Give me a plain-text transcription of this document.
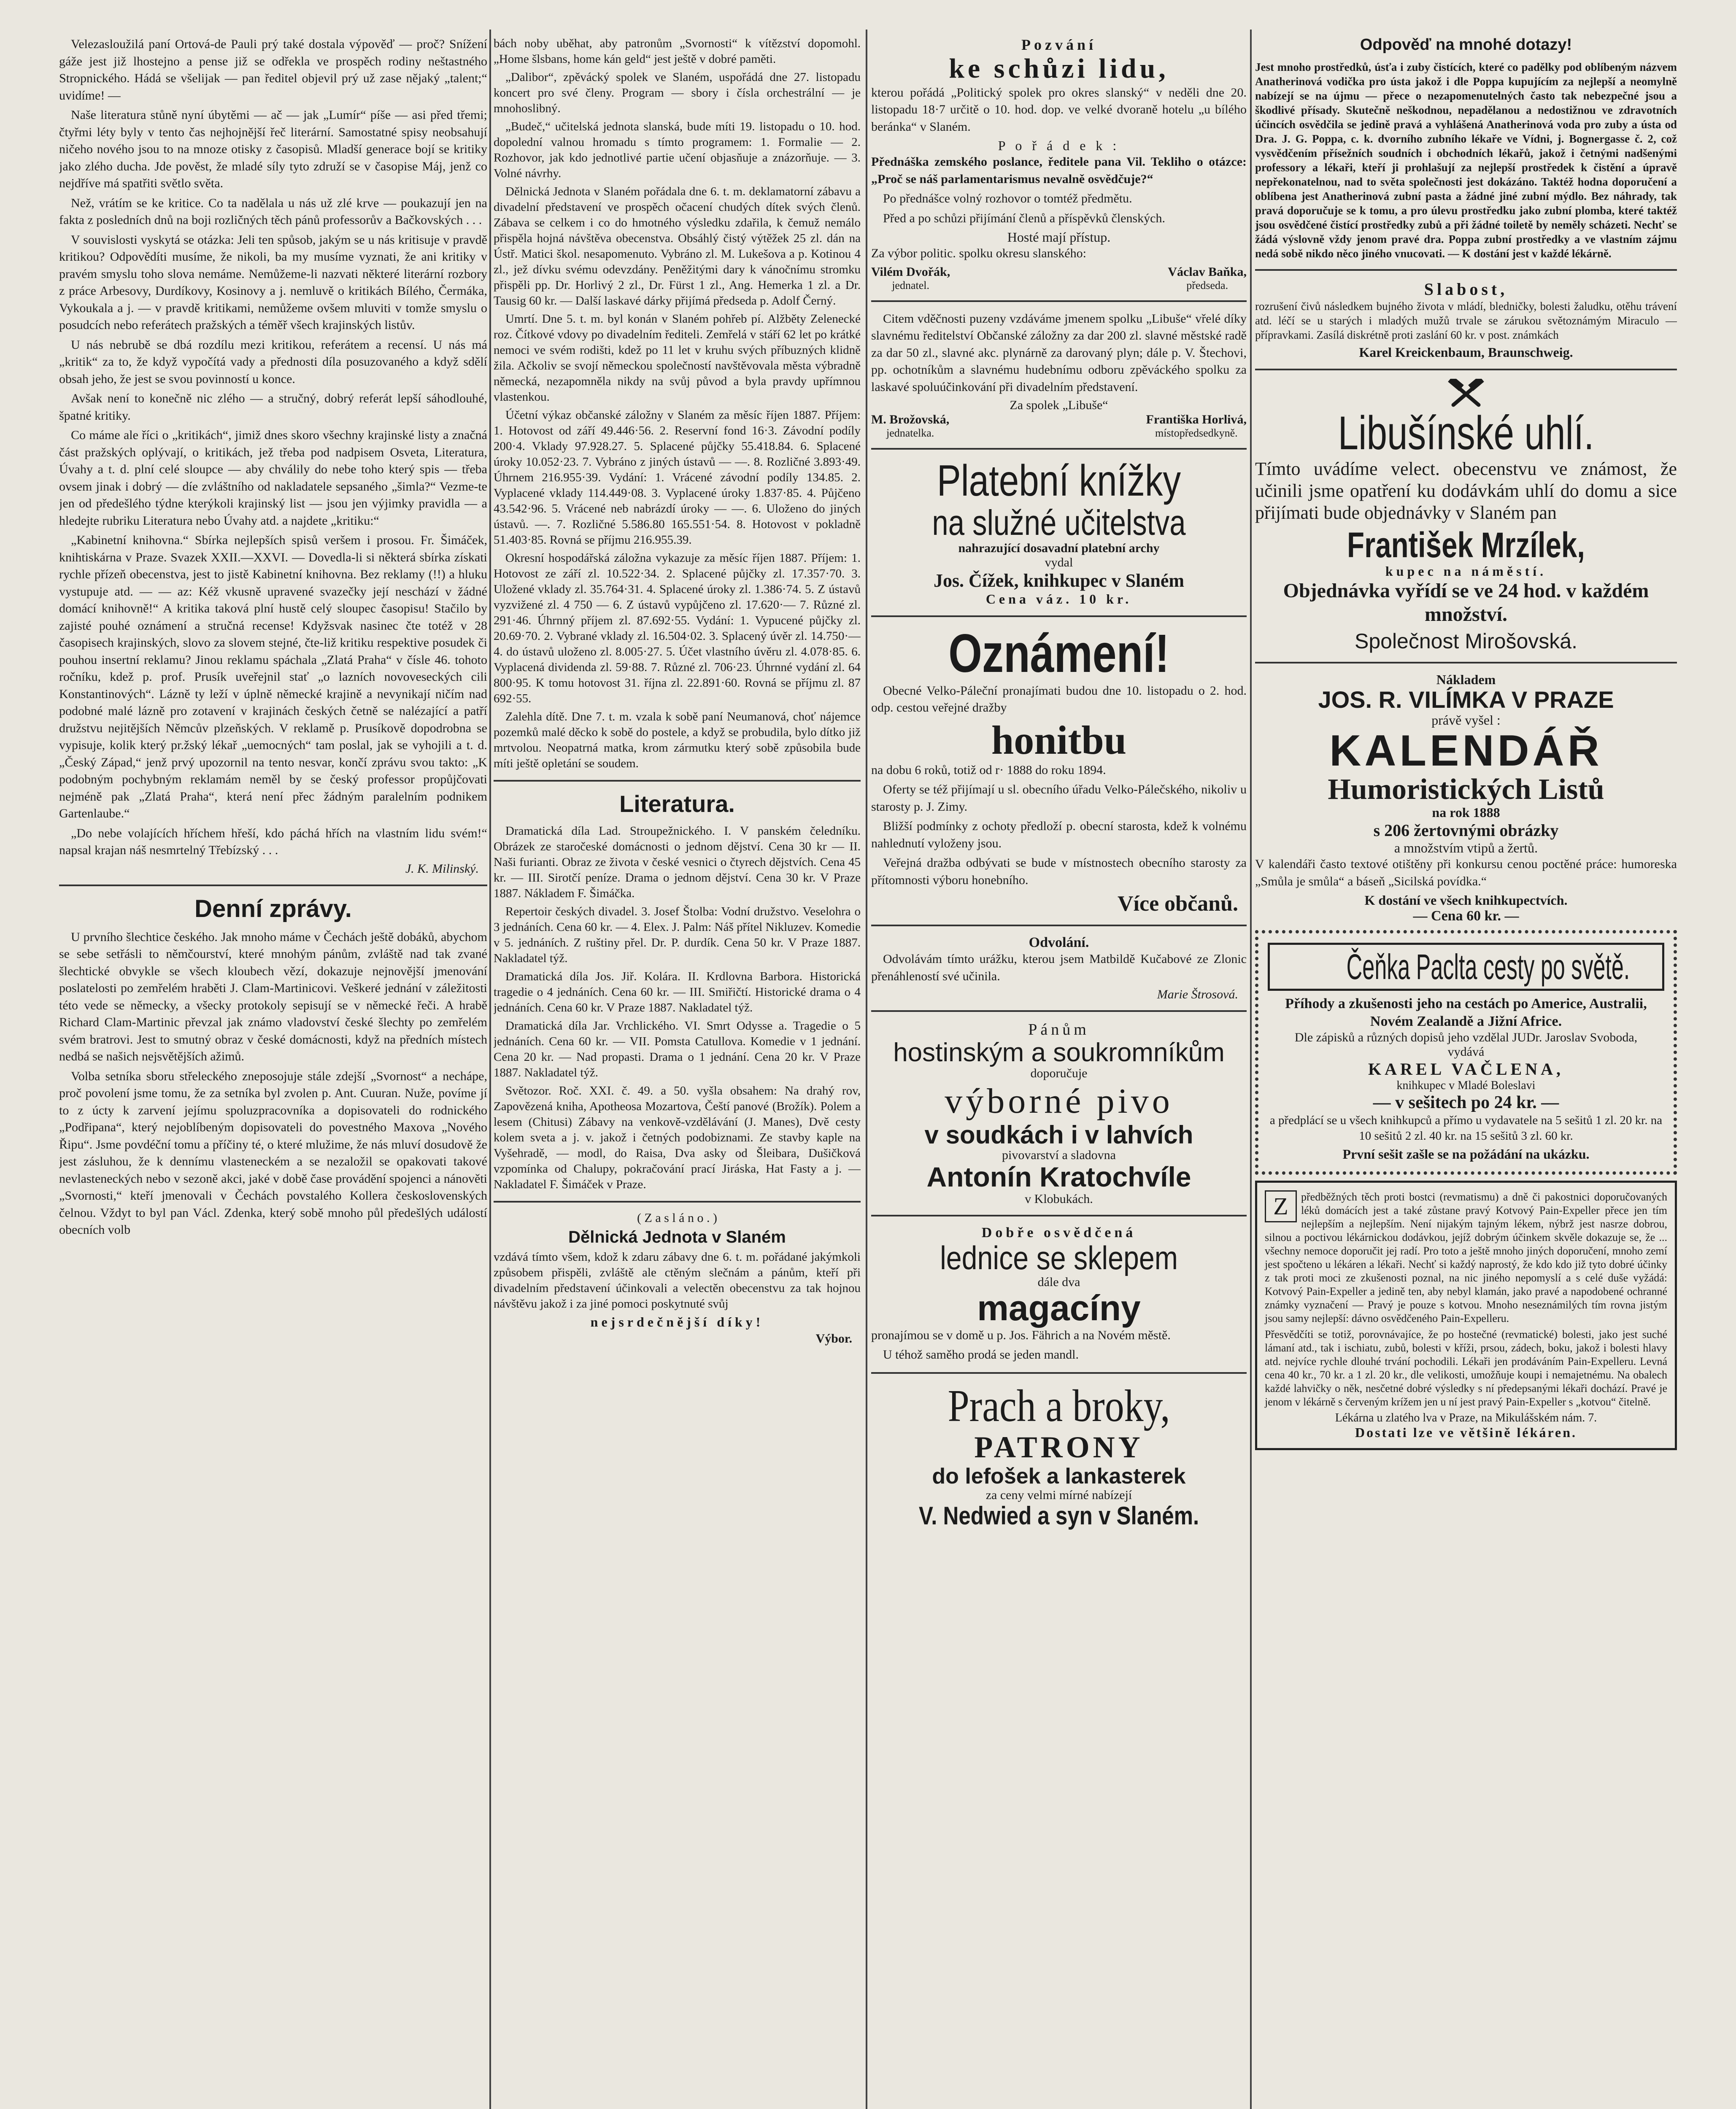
Velezasloužilá paní Ortová-de Pauli prý také dostala výpověď — proč? Snížení gáže jest již lhostejno a pense již se odřekla ve prospěch rodiny neštastného Stropnického. Hádá se všelijak — pan ředitel objevil prý už zase nějaký „talent;“ uvidíme! —

Naše literatura stůně nyní úbytěmi — ač — jak „Lumír“ píše — asi před třemi; čtyřmi léty byly v tento čas nejhojnější řeč literární. Samostatné spisy neobsahují ničeho nového jsou to na mnoze otisky z časopisů. Mladší generace bojí se kritiky jako zlého ducha. Jde pověst, že mladé síly tyto združí se v časopise Máj, jenž co nejdříve má spatřiti světlo světa.

Než, vrátím se ke kritice. Co ta nadělala u nás už zlé krve — poukazují jen na fakta z posledních dnů na boji rozličných těch pánů professorův a Bačkovských . . .

V souvislosti vyskytá se otázka: Jeli ten spůsob, jakým se u nás kritisuje v pravdě kritikou? Odpovědíti musíme, že nikoli, ba my musíme vyznati, že ani kritiky v pravém smyslu toho slova nemáme. Nemůžeme-li nazvati některé literární rozbory z práce Arbesovy, Durdíkovy, Kosinovy a j. nemluvě o kritikách Bílého, Čermáka, Vykoukala a j. — v pravdě kritikami, nemůžeme ovšem mluviti v tomže smyslu o posudcích nebo referátech pražských a téměř všech krajinských listův.

U nás nebrubě se dbá rozdílu mezi kritikou, referátem a recensí. U nás má „kritik“ za to, že když vypočítá vady a přednosti díla posuzovaného a když sdělí obsah jeho, že jest se svou povinností u konce.

Avšak není to konečně nic zlého — a stručný, dobrý referát lepší sáhodlouhé, špatné kritiky.

Co máme ale říci o „kritikách“, jimiž dnes skoro všechny krajinské listy a značná část pražských oplývají, o kritikách, jež třeba pod nadpisem Osveta, Literatura, Úvahy a t. d. plní celé sloupce — aby chválily do nebe toho který spis — třeba ovsem jinak i dobrý — díe zvláštního od nakladatele sepsaného „šimla?“ Vezme-te jen od předešlého týdne kterýkoli krajinský list — jsou jen výjimky pravidla — a hledejte rubriku Literatura nebo Úvahy atd. a najdete „kritiku:“

„Kabinetní knihovna.“ Sbírka nejlepších spisů veršem i prosou. Fr. Šimáček, knihtiskárna v Praze. Svazek XXII.—XXVI. — Dovedla-li si některá sbírka získati rychle přízeň obecenstva, jest to jistě Kabinetní knihovna. Bez reklamy (!!) a hluku vystupuje atd. — — az: Kéž vkusně upravené svazečky její neschází v žádné domácí knihovně!“ A kritika taková plní hustě celý sloupec časopisu! Stačilo by zajisté pouhé oznámení a stručná recense! Kdyžsvak nasinec čte totéž v 28 časopisech krajinských, slovo za slovem stejné, čte-liž kritiku respektive posudek či pouhou insertní reklamu? Jinou reklamu spáchala „Zlatá Praha“ v čísle 46. tohoto ročníku, kdež p. prof. Prusík uveřejnil stať „o lazních novoveseckých cili Konstantinových“. Lázně ty leží v úplně německé krajině a nevynikají ničím nad podobné malé lázně pro zotavení v krajinách českých četně se nalézající a patří družstvu nejitějších Němcův plzeňských. V reklamě p. Prusíkově dopodrobna se vypisuje, kolik který pr.žský lékař „uemocných“ tam poslal, jak se vyhojili a t. d. „Český Západ,“ jenž prvý upozornil na tento nesvar, končí zprávu svou takto: „K podobným pochybným reklamám neměl by se český professor propůjčovati nejméně pak „Zlatá Praha“, která není přec žádným paralelním podnikem Gartenlaube.“

„Do nebe volajících hříchem hřeší, kdo páchá hřích na vlastním lidu svém!“ napsal krajan náš nesmrtelný Třebízský . . .

J. K. Milinský.
Denní zprávy.

U prvního šlechtice českého. Jak mnoho máme v Čechách ještě dobáků, abychom se sebe setřásli to němčourství, které mnohým pánům, zvláště nad tak zvané šlechtické obvykle se všech kloubech vězí, dokazuje nejnovější jmenování poslatelosti po zemřelém hraběti J. Clam-Martinicovi. Veškeré jednání v záležitosti této vede se německy, a všecky protokoly sepisují se v německé řeči. A hrabě Richard Clam-Martinic převzal jak známo vladovství české šlechty po zemřelém svém bratrovi. Jest to smutný obraz v české domácnosti, když na předních místech nedbá se našich nejsvětějších ažimů.

Volba setníka sboru střeleckého zneposojuje stále zdejší „Svornost“ a nechápe, proč povolení jsme tomu, že za setníka byl zvolen p. Ant. Cuuran. Nuže, povíme jí to z úcty k zarvení jejímu spoluzpracovníka a dopisovateli do rodnického „Podřipana“, který nejoblíbeným dopisovateli do povestného Maxova „Nového Řipu“. Jsme povdéční tomu a příčiny té, o které mlužime, že nás mluví dosudově že jest zásluhou, že k dennímu vlasteneckém a se nezaložil se opakovati takové nevlasteneckých nebo v sezoně akci, jaké v době čase provádění spojenci a nánověti „Svornosti,“ kteří jmenovali v Čechách povstalého Kollera československých čelnou. Vždyt to byl pan Václ. Zdenka, který sobě mnoho půl předešlých událostí obecních volb

bách noby uběhat, aby patronům „Svornosti“ k vítězství dopomohl. „Home šlsbans, home kán geld“ jest ještě v dobré paměti.

„Dalibor“, zpěvácký spolek ve Slaném, uspořádá dne 27. listopadu koncert pro své členy. Program — sbory i čísla orchestrální — je mnohoslibný.

„Budeč,“ učitelská jednota slanská, bude míti 19. listopadu o 10. hod. dopolední valnou hromadu s tímto programem: 1. Formalie — 2. Rozhovor, jak kdo jednotlivé partie učení objasňuje a znázorňuje. — 3. Volné návrhy.

Dělnická Jednota v Slaném pořádala dne 6. t. m. deklamatorní zábavu a divadelní představení ve prospěch očacení chudých dítek svých členů. Zábava se celkem i co do hmotného výsledku zdařila, k čemuž nemálo přispěla hojná návštěva obecenstva. Obsáhlý čistý výtěžek 25 zl. dán na Ústř. Matici škol. nesapomenuto. Vybráno zl. M. Lukešova a p. Kotinou 4 zl., jež dívku svému odevzdány. Peněžitými dary k vánočnímu stromku přispěli pp. Dr. Horlivý 2 zl., Dr. Fürst 1 zl., Ang. Hemerka 1 zl. a Dr. Tausig 60 kr. — Další laskavé dárky přijímá předseda p. Adolf Černý.

Umrtí. Dne 5. t. m. byl konán v Slaném pohřeb pí. Alžběty Zelenecké roz. Čítkové vdovy po divadelním řediteli. Zemřelá v stáří 62 let po krátké nemoci ve svém rodišti, kdež po 11 let v kruhu svých příbuzných klidně žila. Ačkoliv se svojí německou společností navštěvovala města výbradně německá, nezapomněla nikdy na svůj původ a byla pravdy upřímnou vlastenkou.

Účetní výkaz občanské záložny v Slaném za měsíc říjen 1887. Příjem: 1. Hotovost od září 49.446·56. 2. Reservní fond 16·3. Závodní podíly 200·4. Vklady 97.928.27. 5. Splacené půjčky 55.418.84. 6. Splacené úroky 10.052·23. 7. Vybráno z jiných ústavů — —. 8. Rozličné 3.893·49. Úhrnem 216.955·39. Vydání: 1. Vrácené závodní podíly 134.85. 2. Vyplacené vklady 114.449·08. 3. Vyplacené úroky 1.837·85. 4. Půjčeno 43.542·96. 5. Vrácené neb nabrázdí úroky — —. 6. Uloženo do jiných ústavů. —. 7. Rozličné 5.586.80 165.551·54. 8. Hotovost v pokladně 51.403·85. Rovná se příjmu 216.955.39.

Okresní hospodářská záložna vykazuje za měsíc říjen 1887. Příjem: 1. Hotovost ze září zl. 10.522·34. 2. Splacené půjčky zl. 17.357·70. 3. Uložené vklady zl. 35.764·31. 4. Splacené úroky zl. 1.386·74. 5. Z ústavů vyzvižené zl. 4 750 — 6. Z ústavů vypůjčeno zl. 17.620·— 7. Různé zl. 291·46. Úhrnný příjem zl. 87.692·55. Vydání: 1. Vypucené půjčky zl. 20.69·70. 2. Vybrané vklady zl. 16.504·02. 3. Splacený úvěr zl. 14.750·— 4. do ústavů uloženo zl. 8.005·27. 5. Účet vlastního úvěru zl. 4.078·85. 6. Vyplacená dividenda zl. 59·88. 7. Různé zl. 706·23. Úhrnné vydání zl. 64 800·95. K tomu hotovost 31. října zl. 22.891·60. Rovná se příjmu zl. 87 692·55.

Zalehla dítě. Dne 7. t. m. vzala k sobě paní Neumanová, choť nájemce pozemků malé děcko k sobě do postele, a když se probudila, bylo dítko již mrtvolou. Neopatrná matka, krom zármutku který sobě způsobila bude míti ještě opletání se soudem.

Literatura.

Dramatická díla Lad. Stroupežnického. I. V panském čeledníku. Obrázek ze staročeské domácnosti o jednom dějství. Cena 30 kr — II. Naši furianti. Obraz ze života v české vesnici o čtyrech dějstvích. Cena 45 kr. — III. Sirotčí peníze. Drama o jednom dějství. Cena 30 kr. V Praze 1887. Nákladem F. Šimáčka.

Repertoir českých divadel. 3. Josef Štolba: Vodní družstvo. Veselohra o 3 jednáních. Cena 60 kr. — 4. Elex. J. Palm: Náš přítel Nikluzev. Komedie v 5. jednáních. Z ruštiny přel. Dr. P. durdík. Cena 50 kr. V Praze 1887. Nakladatel týž.

Dramatická díla Jos. Jiř. Kolára. II. Krdlovna Barbora. Historická tragedie o 4 jednáních. Cena 60 kr. — III. Smiřičtí. Historické drama o 4 jednáních. Cena 60 kr. V Praze 1887. Nakladatel týž.

Dramatická díla Jar. Vrchlického. VI. Smrt Odysse a. Tragedie o 5 jednáních. Cena 60 kr. — VII. Pomsta Catullova. Komedie v 1 jednání. Cena 20 kr. — Nad propasti. Drama o 1 jednání. Cena 20 kr. V Praze 1887. Nakladatel týž.

Světozor. Roč. XXI. č. 49. a 50. vyšla obsahem: Na drahý rov, Zapovězená kniha, Apotheosa Mozartova, Čeští panové (Brožík). Polem a lesem (Chitusi) Zábavy na venkově-vzdělávání (J. Manes), Dvě cesty kolem sveta a j. v. jakož i četných podobiznami. Ze stavby kaple na Vyšehradě, — modl, do Raisa, Dva asky od Šleibara, Dušičková vzpomínka od Chalupy, pokračování prací Jiráska, Hat Fasty a j. — Nakladatel F. Šimáček v Praze.

( Z a s l á n o . )
Dělnická Jednota v Slaném

vzdává tímto všem, kdož k zdaru zábavy dne 6. t. m. pořádané jakýmkoli způsobem přispěli, zvláště ale ctěným slečnám a pánům, kteří při divadelním představení účinkovali a velectěn obecenstvu za tak hojnou návštěvu jakož i za jiné pomoci poskytnuté svůj

nejsrdečnější díky!
Výbor.
Pozvání
ke schůzi lidu,

kterou pořádá „Politický spolek pro okres slanský“ v neděli dne 20. listopadu 18·7 určitě o 10. hod. dop. ve velké dvoraně hotelu „u bílého beránka“ v Slaném.

P o ř á d e k :

Přednáška zemského poslance, ředitele pana Vil. Tekliho o otázce: „Proč se náš parlamentarismus nevalně osvědčuje?“

Po přednášce volný rozhovor o tomtéž předmětu.

Před a po schůzi přijímání členů a příspěvků členských.

Hosté mají přístup.
Za výbor politic. spolku okresu slanského:
Vilém Dvořák,
jednatel.
Václav Baňka,
předseda.

Citem vděčnosti puzeny vzdáváme jmenem spolku „Libuše“ vřelé díky slavnému ředitelství Občanské záložny za dar 200 zl. slavné městské radě za dar 50 zl., slavné akc. plynárně za darovaný plyn; dále p. V. Štechovi, pp. ochotníkům a slavnému hudebnímu odboru zpěváckého spolku za laskavé spoluúčinkování při divadelním představení.

Za spolek „Libuše“
M. Brožovská,
jednatelka.
Františka Horlivá,
místopředsedkyně.
Platební knížky
na služné učitelstva
nahrazující dosavadní platební archy
vydal
Jos. Čížek, knihkupec v Slaném
Cena váz. 10 kr.
Oznámení!

Obecné Velko-Páleční pronajímati budou dne 10. listopadu o 2. hod. odp. cestou veřejné dražby

honitbu

na dobu 6 roků, totiž od r· 1888 do roku 1894.

Oferty se též přijímají u sl. obecního úřadu Velko-Pálečského, nikoliv u starosty p. J. Zimy.

Bližší podmínky z ochoty předloží p. obecní starosta, kdež k volnému nahlednutí vyloženy jsou.

Veřejná dražba odbývati se bude v místnostech obecního starosty za přítomnosti výboru honebního.

Více občanů.
Odvolání.

Odvolávám tímto urážku, kterou jsem Matbildě Kučabové ze Zlonic přenáhleností své učinila.

Marie Štrosová.
Pánům
hostinským a soukromníkům
doporučuje
výborné pivo
v soudkách i v lahvích
pivovarství a sladovna
Antonín Kratochvíle
v Klobukách.
Dobře osvědčená
lednice se sklepem
dále dva
magacíny

pronajímou se v domě u p. Jos. Fährich a na Novém městě.

U téhož saměho prodá se jeden mandl.

Prach a broky,
PATRONY
do lefošek a lankasterek
za ceny velmi mírné nabízejí
V. Nedwied a syn v Slaném.
Odpověď na mnohé dotazy!

Jest mnoho prostředků, úsťa i zuby čistících, které co padělky pod oblíbeným názvem Anatherinová vodička pro ústa jakož i dle Poppa kupujícím za nejlepší a neomylně nabízejí se na újmu — přece o nezapomenutelných často tak nebezpečné jsou a škodlivé přísady. Skutečně neškodnou, nepadělanou a nedostižnou ve zdravotních účincích osvědčila se jedině pravá a vyhlášená Anatherinová voda pro zuby a ústa od Dra. J. G. Poppa, c. k. dvorního zubního lékaře ve Vídni, j. Bognergasse č. 2, což vysvědčením přísežních soudních i obchodních lékařů, jakož i četnými nadšenými professory a lékaři, kteří ji prohlašují za nejlepší prostředek k čistění a úpravě nepřekonatelnou, nad to světa společnosti jest dokázáno. Taktéž hodna doporučení a oblíbena jest Anatherinová zubní pasta a žádné jiné zubní mýdlo. Bez náhrady, tak pravá doporučuje se k tomu, a pro úlevu prostředku jako zubní plomba, které taktéž jsou osvědčené čistící prostředky zubů a při žádné toiletě by neměly scházeti. Nechť se žádá výslovně vždy jenom pravé dra. Poppa zubní prostředky a ve vlastním zájmu nedá sobě nikdo něco jiného vnucovati. — K dostání jest v každé lékárně.

Slabost,

rozrušení čivů následkem bujného života v mládí, bledničky, bolesti žaludku, otěhu trávení atd. léčí se u starých i mladých mužů trvale se zárukou světoznámým Miraculo — přípravkami. Zasílá diskrétně proti zaslání 60 kr. v post. známkách

Karel Kreickenbaum, Braunschweig.
Libušínské uhlí.

Tímto uvádíme velect. obecenstvu ve známost, že učinili jsme opatření ku dodávkám uhlí do domu a sice přijímati bude objednávky v Slaném pan

František Mrzílek,
kupec na náměstí.

Objednávka vyřídí se ve 24 hod. v každém množství.

Společnost Mirošovská.
Nákladem
JOS. R. VILÍMKA V PRAZE
právě vyšel :
KALENDÁŘ
Humoristických Listů
na rok 1888
s 206 žertovnými obrázky
a množstvím vtipů a žertů.

V kalendáři často textové otištěny při konkursu cenou poctěné práce: humoreska „Smůla je smůla“ a báseň „Sicilská povídka.“

K dostání ve všech knihkupectvích.
— Cena 60 kr. —
Čeňka Paclta cesty po světě.
Příhody a zkušenosti jeho na cestách po Americe, Australii, Novém Zealandě a Jižní Africe.
Dle zápisků a různých dopisů jeho vzdělal JUDr. Jaroslav Svoboda,
vydává
KAREL VAČLENA,
knihkupec v Mladé Boleslavi
— v sešitech po 24 kr. —

a předplácí se u všech knihkupců a přímo u vydavatele na 5 sešitů 1 zl. 20 kr. na 10 sešitů 2 zl. 40 kr. na 15 sešitů 3 zl. 60 kr.

První sešit zašle se na požádání na ukázku.
Z	předběžných těch proti bostci (revmatismu) a dně či pakostnici doporučovaných léků domácích jest a také zůstane pravý Kotvový Pain-Expeller přece jen tím nejlepším a nejlepším. Není nijakým tajným lékem, nýbrž jest nasrze dobrou, silnou a poctivou lékárnickou dodávkou, jejíž dobrým účinkem skvěle dokazuje se, že ... všechny nemoce doporučit jej radí. Pro toto a ještě mnoho jiných doporučení, mnoho zemí jest spočteno u lékáren a lékaři. Nechť si každý naprostý, že kdo kdo již tyto dobré účinky z tak proti moci ze zkušenosti poznal, na nic jiného nepomyslí a s celé duše vyžádá: Kotvový Pain-Expeller a jedině ten, aby nebyl klamán, jako pravé a napodobené ochranné známky vyznačení — Pravý je pouze s kotvou. Mnoho neseznámilých tím rovna jistým jsou samy nejlepší: dávno osvědčeného Pain-Expelleru.

Přesvědčíti se totiž, porovnávajíce, že po hostečné (revmatické) bolesti, jako jest suché lámaní atd., tak i ischiatu, zubů, bolesti v kříži, prsou, zádech, boku, jakož i bolesti hlavy atd. nejvíce rychle dlouhé trvání pochodili. Lékaři jen prodáváním Pain-Expelleru. Levná cena 40 kr., 70 kr. a 1 zl. 20 kr., dle velikosti, umožňuje koupi i nemajetnému. Na obalech každé lahvičky o něk, nesčetné dobré výsledky s ní předepsanými lékaři dochází. Pravé je jenom v lékárně s červeným krížem jen u ní jest pravý Pain-Expeller s „kotvou“ čitelně.

Lékárna u zlatého lva v Praze, na Mikulášském nám. 7.
Dostati lze ve většině lékáren.
